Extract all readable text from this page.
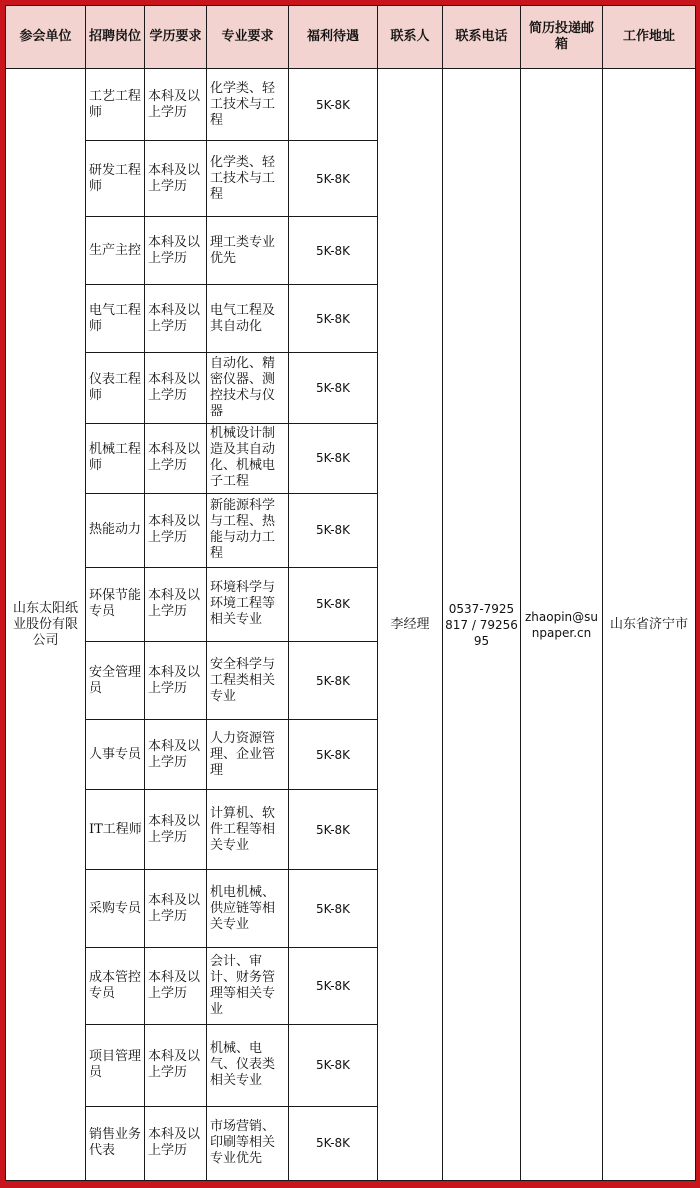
参会单位	招聘岗位	学历要求	专业要求	福利待遇	联系人	联系电话	简历投递邮箱	工作地址
山东太阳纸业股份有限公司	工艺工程师	本科及以上学历	化学类、轻工技术与工程	5K-8K	李经理	0537-7925817 / 7925695	zhaopin@sunpaper.cn	山东省济宁市
	研发工程师	本科及以上学历	化学类、轻工技术与工程	5K-8K				
	生产主控	本科及以上学历	理工类专业优先	5K-8K				
	电气工程师	本科及以上学历	电气工程及其自动化	5K-8K				
	仪表工程师	本科及以上学历	自动化、精密仪器、测控技术与仪器	5K-8K				
	机械工程师	本科及以上学历	机械设计制造及其自动化、机械电子工程	5K-8K				
	热能动力	本科及以上学历	新能源科学与工程、热能与动力工程	5K-8K				
	环保节能专员	本科及以上学历	环境科学与环境工程等相关专业	5K-8K				
	安全管理员	本科及以上学历	安全科学与工程类相关专业	5K-8K				
	人事专员	本科及以上学历	人力资源管理、企业管理	5K-8K				
	IT工程师	本科及以上学历	计算机、软件工程等相关专业	5K-8K				
	采购专员	本科及以上学历	机电机械、供应链等相关专业	5K-8K				
	成本管控专员	本科及以上学历	会计、审计、财务管理等相关专业	5K-8K				
	项目管理员	本科及以上学历	机械、电气、仪表类相关专业	5K-8K				
	销售业务代表	本科及以上学历	市场营销、印刷等相关专业优先	5K-8K				
